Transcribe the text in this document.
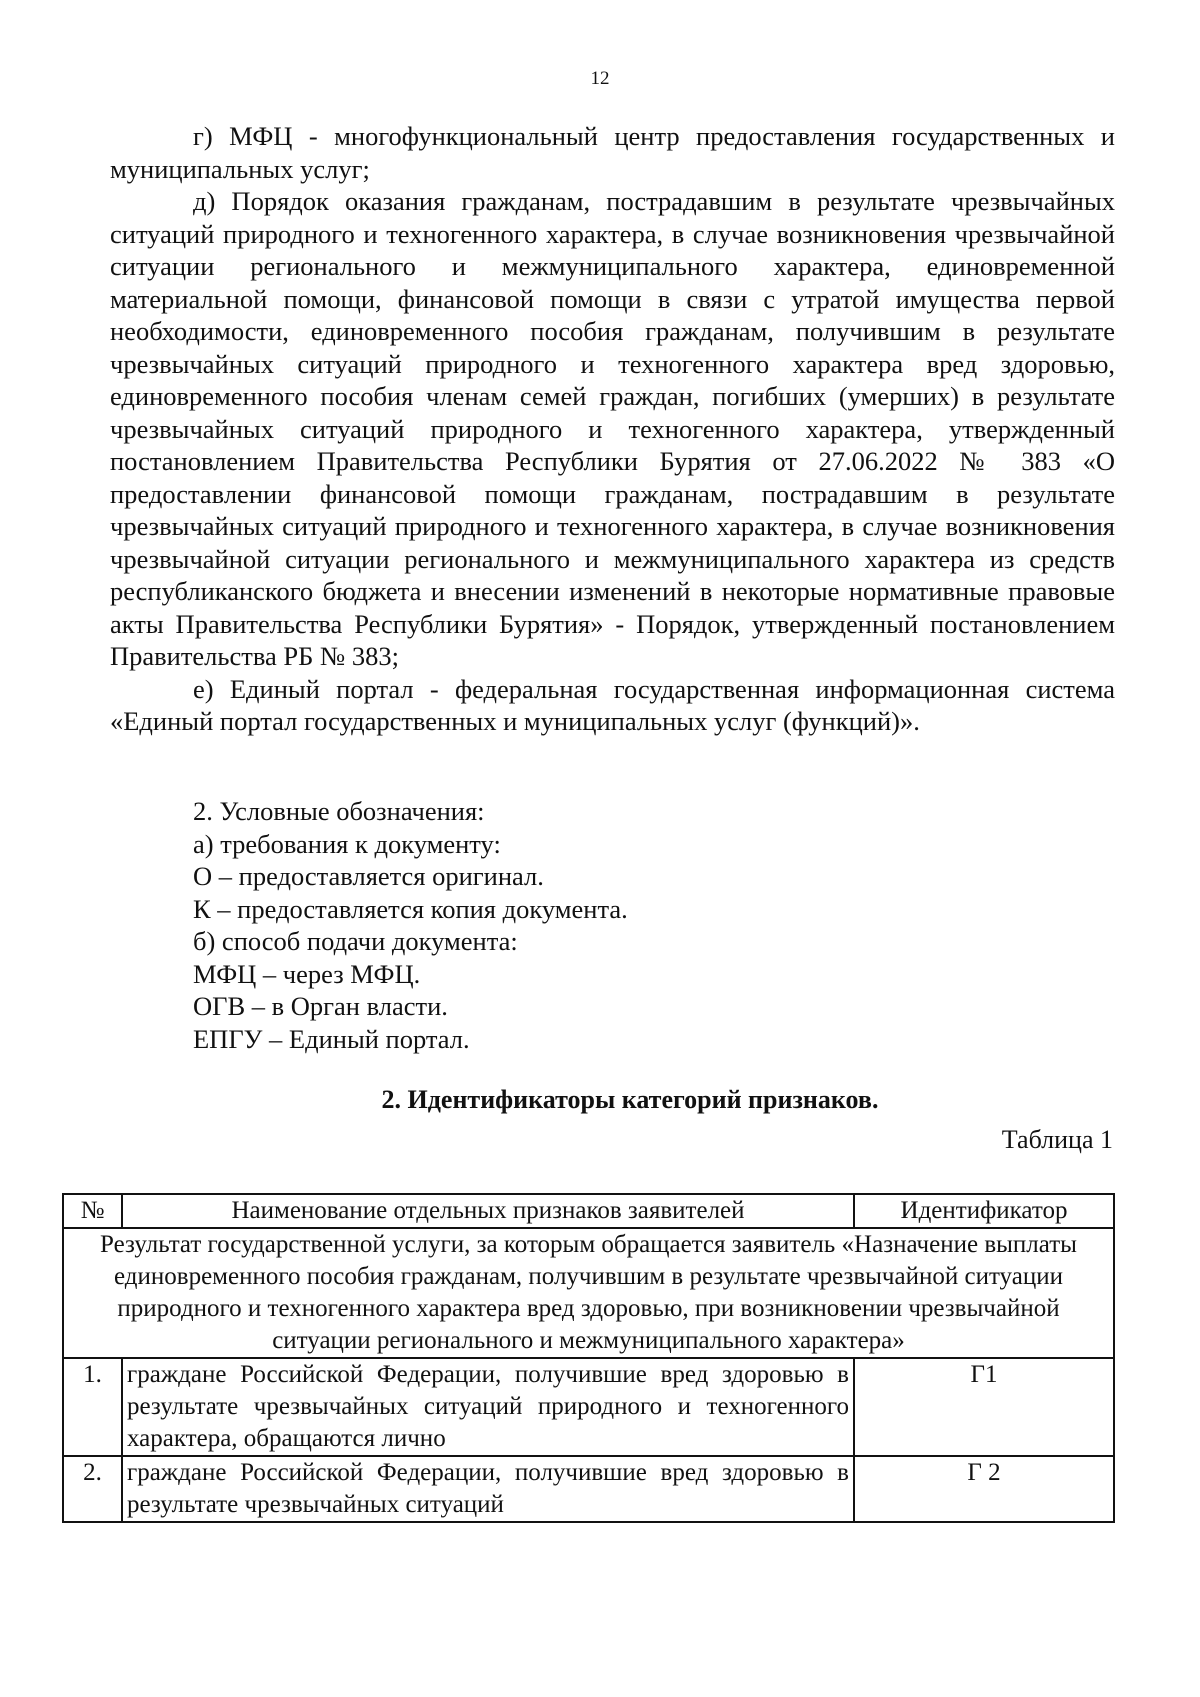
12

г) МФЦ - многофункциональный центр предоставления государственных и муниципальных услуг;

д) Порядок оказания гражданам, пострадавшим в результате чрезвычайных ситуаций природного и техногенного характера, в случае возникновения чрезвычайной ситуации регионального и межмуниципального характера, единовременной материальной помощи, финансовой помощи в связи с утратой имущества первой необходимости, единовременного пособия гражданам, получившим в результате чрезвычайных ситуаций природного и техногенного характера вред здоровью, единовременного пособия членам семей граждан, погибших (умерших) в результате чрезвычайных ситуаций природного и техногенного характера, утвержденный постановлением Правительства Республики Бурятия от 27.06.2022 № 383 «О предоставлении финансовой помощи гражданам, пострадавшим в результате чрезвычайных ситуаций природного и техногенного характера, в случае возникновения чрезвычайной ситуации регионального и межмуниципального характера из средств республиканского бюджета и внесении изменений в некоторые нормативные правовые акты Правительства Республики Бурятия» - Порядок, утвержденный постановлением Правительства РБ № 383;

е) Единый портал - федеральная государственная информационная система «Единый портал государственных и муниципальных услуг (функций)».

2. Условные обозначения:
а) требования к документу:
О – предоставляется оригинал.
К – предоставляется копия документа.
б) способ подачи документа:
МФЦ – через МФЦ.
ОГВ – в Орган власти.
ЕПГУ – Единый портал.
2. Идентификаторы категорий признаков.
Таблица 1
№	Наименование отдельных признаков заявителей	Идентификатор
Результат государственной услуги, за которым обращается заявитель «Назначение выплаты единовременного пособия гражданам, получившим в результате чрезвычайной ситуации природного и техногенного характера вред здоровью, при возникновении чрезвычайной ситуации регионального и межмуниципального характера»		
1.	граждане Российской Федерации, получившие вред здоровью в результате чрезвычайных ситуаций природного и техногенного характера, обращаются лично	Г1
2.	граждане Российской Федерации, получившие вред здоровью в результате чрезвычайных ситуаций	Г 2
